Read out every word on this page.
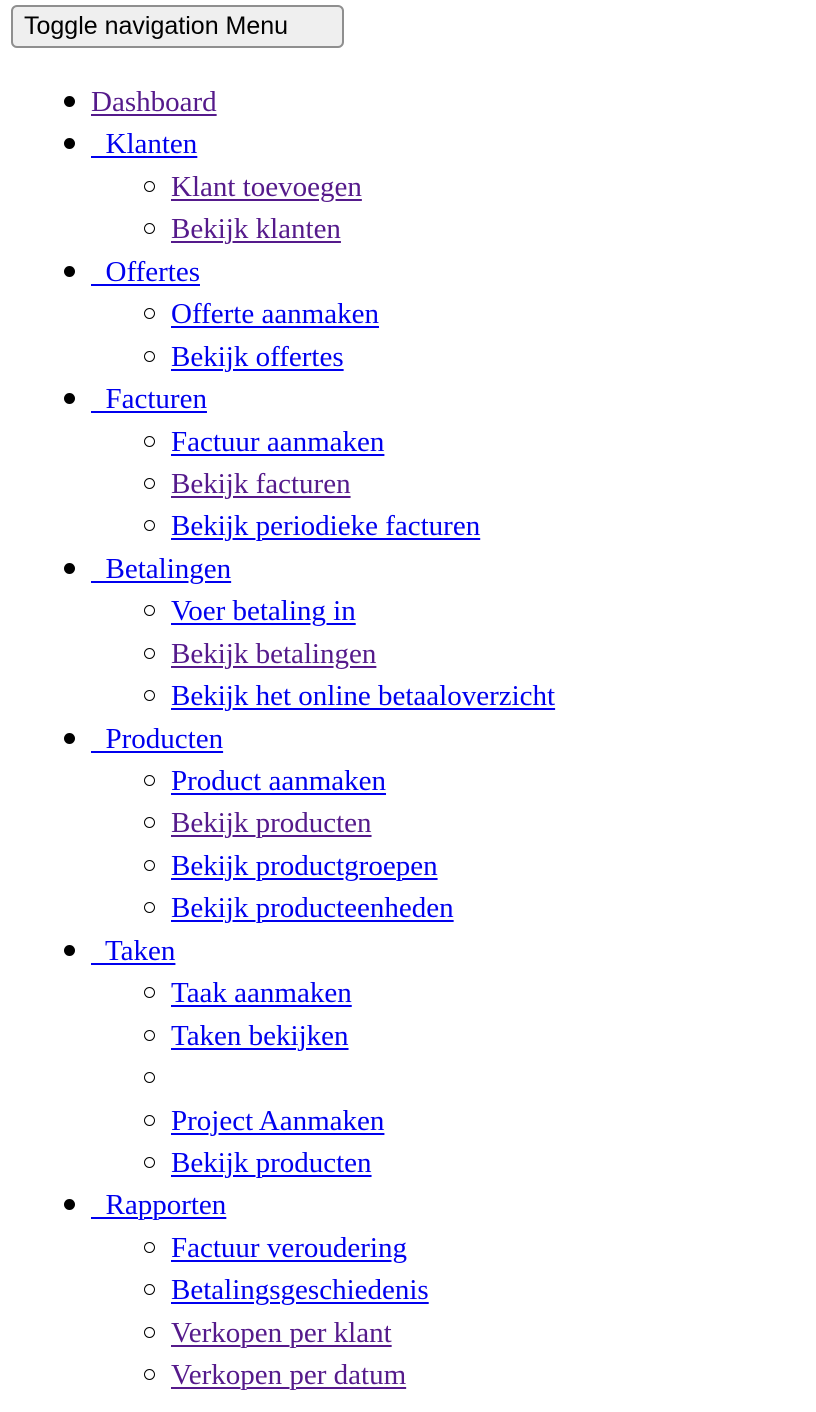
Toggle navigation Menu
Dashboard
Klanten
Klant toevoegen
Bekijk klanten
Offertes
Offerte aanmaken
Bekijk offertes
Facturen
Factuur aanmaken
Bekijk facturen
Bekijk periodieke facturen
Betalingen
Voer betaling in
Bekijk betalingen
Bekijk het online betaaloverzicht
Producten
Product aanmaken
Bekijk producten
Bekijk productgroepen
Bekijk producteenheden
Taken
Taak aanmaken
Taken bekijken
Project Aanmaken
Bekijk producten
Rapporten
Factuur veroudering
Betalingsgeschiedenis
Verkopen per klant
Verkopen per datum
